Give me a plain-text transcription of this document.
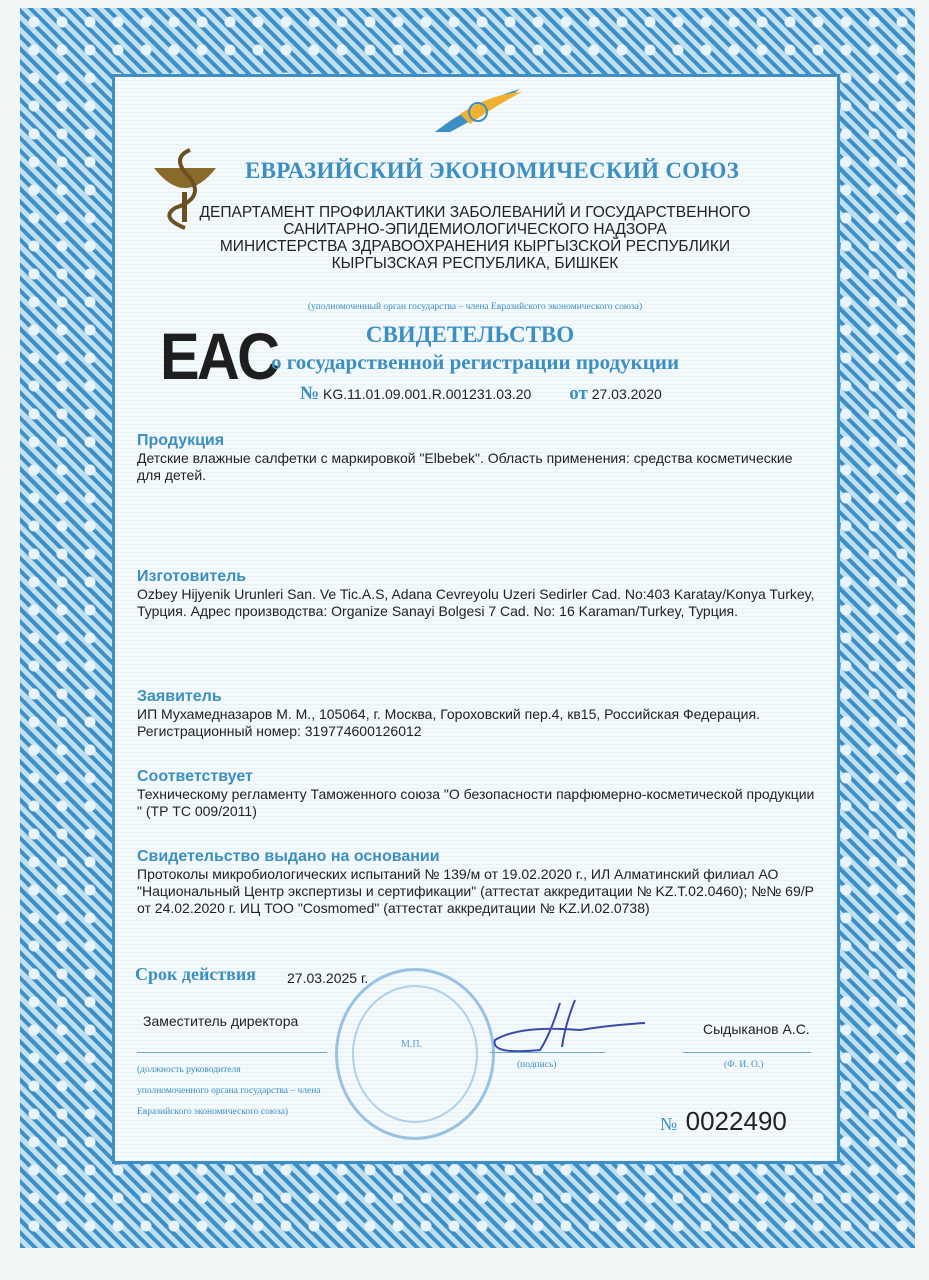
ЕВРАЗИЙСКИЙ ЭКОНОМИЧЕСКИЙ СОЮЗ
ДЕПАРТАМЕНТ ПРОФИЛАКТИКИ ЗАБОЛЕВАНИЙ И ГОСУДАРСТВЕННОГО
САНИТАРНО-ЭПИДЕМИОЛОГИЧЕСКОГО НАДЗОРА
МИНИСТЕРСТВА ЗДРАВООХРАНЕНИЯ КЫРГЫЗСКОЙ РЕСПУБЛИКИ
КЫРГЫЗСКАЯ РЕСПУБЛИКА, БИШКЕК
(уполномоченный орган государства – члена Евразийского экономического союза)
EAC	СВИДЕТЕЛЬСТВО
о государственной регистрации продукции
№ KG.11.01.09.001.R.001231.03.20 от 27.03.2020
Продукция

Детские влажные салфетки с маркировкой "Elbebek". Область применения: средства косметические для детей.

Изготовитель

Ozbey Hijyenik Urunleri San. Ve Tic.A.S, Adana Cevreyolu Uzeri Sedirler Cad. No:403 Karatay/Konya Turkey, Турция. Адрес производства: Organize Sanayi Bolgesi 7 Cad. No: 16 Karaman/Turkey, Турция.

Заявитель

ИП Мухамедназаров М. М., 105064, г. Москва, Гороховский пер.4, кв15, Российская Федерация. Регистрационный номер: 319774600126012

Соответствует

Техническому регламенту Таможенного союза "О безопасности парфюмерно-косметической продукции " (ТР ТС 009/2011)

Свидетельство выдано на основании

Протоколы микробиологических испытаний № 139/м от 19.02.2020 г., ИЛ Алматинский филиал АО "Национальный Центр экспертизы и сертификации" (аттестат аккредитации № KZ.Т.02.0460); №№ 69/Р от 24.02.2020 г. ИЦ ТОО "Cosmomed" (аттестат аккредитации № KZ.И.02.0738)

Срок действия 27.03.2025 г.
М.П.
Заместитель директора	Сыдыканов А.С.
(должность руководителя
уполномоченного органа государства – члена
Евразийского экономического союза)
(подпись)	(Ф. И. О.)
№ 0022490
